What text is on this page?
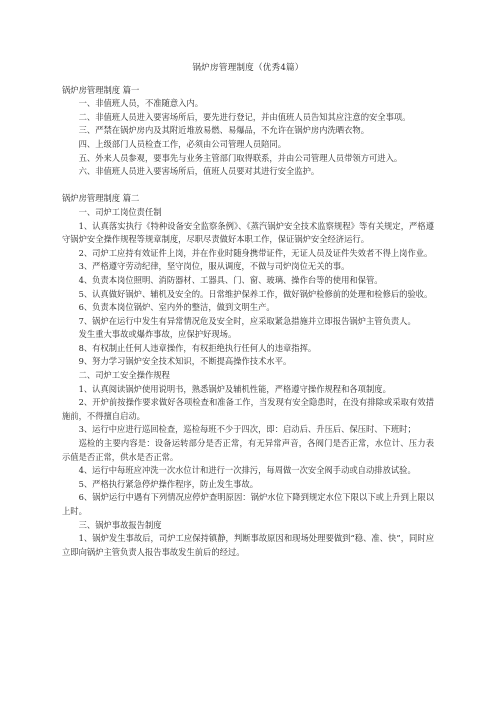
锅炉房管理制度（优秀4篇）
锅炉房管理制度 篇一
一、非值班人员，不准随意入内。
二、非值班人员进入要害场所后，要先进行登记，并由值班人员告知其应注意的安全事项。
三、严禁在锅炉房内及其附近堆放易燃、易爆品，不允许在锅炉房内洗晒衣物。
四、上级部门人员检查工作，必须由公司管理人员陪同。
五、外来人员参观，要事先与业务主管部门取得联系，并由公司管理人员带领方可进入。
六、非值班人员进入要害场所后，值班人员要对其进行安全监护。
锅炉房管理制度 篇二
一、司炉工岗位责任制
1、认真落实执行《特种设备安全监察条例》、《蒸汽锅炉安全技术监察规程》等有关规定，严格遵守锅炉安全操作规程等规章制度，尽职尽责做好本职工作，保证锅炉安全经济运行。
2、司炉工应持有效证件上岗，并在作业时随身携带证件，无证人员及证件失效者不得上岗作业。
3、严格遵守劳动纪律，坚守岗位，服从调度，不做与司炉岗位无关的事。
4、负责本岗位照明、消防器材、工器具、门、窗、玻璃、操作台等的使用和保管。
5、认真做好锅炉、辅机及安全的。日常维护保养工作，做好锅炉检修前的处理和检修后的验收。
6、负责本岗位锅炉、室内外的整洁，做到文明生产。
7、锅炉在运行中发生有异常情况危及安全时，应采取紧急措施并立即报告锅炉主管负责人。
发生重大事故或爆炸事故，应保护好现场。
8、有权制止任何人违章操作，有权拒绝执行任何人的违章指挥。
9、努力学习锅炉安全技术知识，不断提高操作技术水平。
二、司炉工安全操作规程
1、认真阅读锅炉使用说明书，熟悉锅炉及辅机性能，严格遵守操作规程和各项制度。
2、开炉前按操作要求做好各项检查和准备工作，当发现有安全隐患时，在没有排除或采取有效措施前，不得擅自启动。
3、运行中应进行巡回检查，巡检每班不少于四次，即：启动后、升压后、保压时、下班时；
巡检的主要内容是：设备运转部分是否正常，有无异常声音，各阀门是否正常，水位计、压力表示值是否正常，供水是否正常。
4、运行中每班应冲洗一次水位计和进行一次排污，每周做一次安全阀手动或自动排放试验。
5、严格执行紧急停炉操作程序，防止发生事故。
6、锅炉运行中遇有下列情况应停炉查明原因：锅炉水位下降到规定水位下限以下或上升到上限以上时。
三、锅炉事故报告制度
1、锅炉发生事故后，司炉工应保持镇静，判断事故原因和现场处理要做到“稳、准、快”，同时应立即向锅炉主管负责人报告事故发生前后的经过。
